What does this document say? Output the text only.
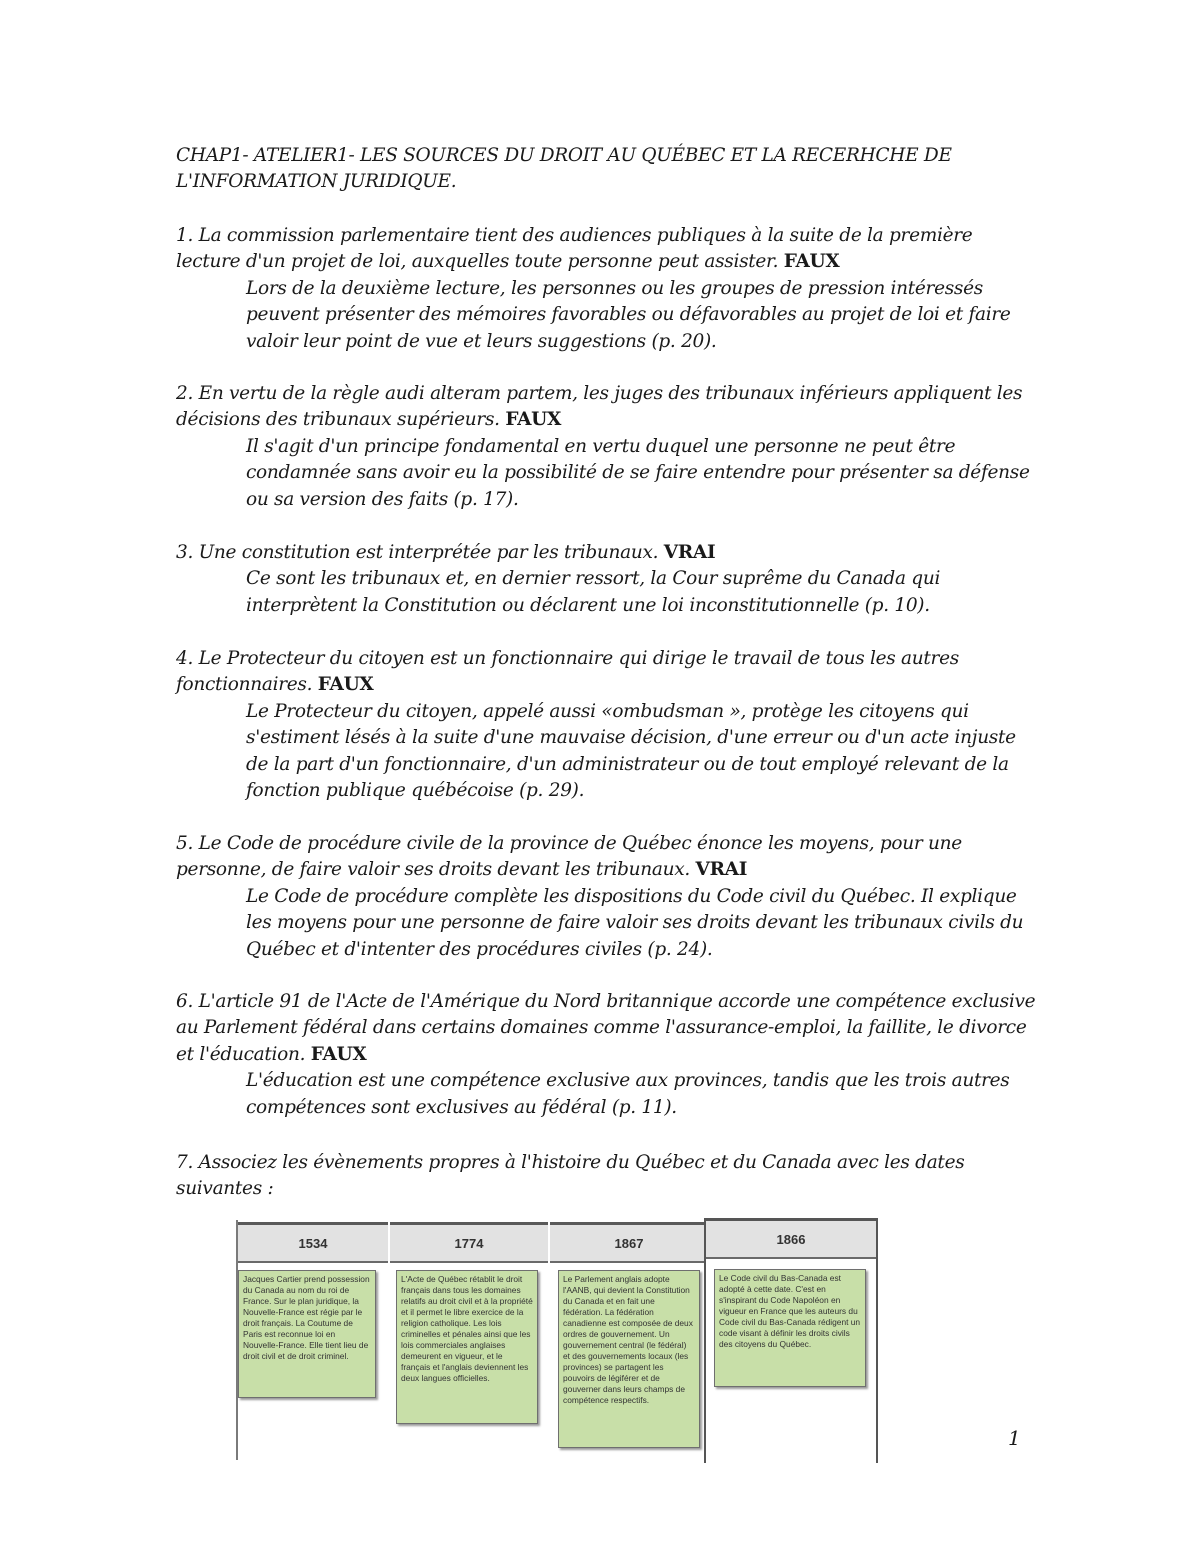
CHAP1- ATELIER1- LES SOURCES DU DROIT AU QUÉBEC ET LA RECERHCHE DE L'INFORMATION JURIDIQUE.
1. La commission parlementaire tient des audiences publiques à la suite de la première lecture d'un projet de loi, auxquelles toute personne peut assister. FAUX
Lors de la deuxième lecture, les personnes ou les groupes de pression intéressés peuvent présenter des mémoires favorables ou défavorables au projet de loi et faire valoir leur point de vue et leurs suggestions (p. 20).
2. En vertu de la règle audi alteram partem, les juges des tribunaux inférieurs appliquent les décisions des tribunaux supérieurs. FAUX
Il s'agit d'un principe fondamental en vertu duquel une personne ne peut être condamnée sans avoir eu la possibilité de se faire entendre pour présenter sa défense ou sa version des faits (p. 17).
3. Une constitution est interprétée par les tribunaux. VRAI
Ce sont les tribunaux et, en dernier ressort, la Cour suprême du Canada qui interprètent la Constitution ou déclarent une loi inconstitutionnelle (p. 10).
4. Le Protecteur du citoyen est un fonctionnaire qui dirige le travail de tous les autres fonctionnaires. FAUX
Le Protecteur du citoyen, appelé aussi «ombudsman », protège les citoyens qui s'estiment lésés à la suite d'une mauvaise décision, d'une erreur ou d'un acte injuste de la part d'un fonctionnaire, d'un administrateur ou de tout employé relevant de la fonction publique québécoise (p. 29).
5. Le Code de procédure civile de la province de Québec énonce les moyens, pour une personne, de faire valoir ses droits devant les tribunaux. VRAI
Le Code de procédure complète les dispositions du Code civil du Québec. Il explique les moyens pour une personne de faire valoir ses droits devant les tribunaux civils du Québec et d'intenter des procédures civiles (p. 24).
6. L'article 91 de l'Acte de l'Amérique du Nord britannique accorde une compétence exclusive au Parlement fédéral dans certains domaines comme l'assurance-emploi, la faillite, le divorce et l'éducation. FAUX
L'éducation est une compétence exclusive aux provinces, tandis que les trois autres compétences sont exclusives au fédéral (p. 11).
7. Associez les évènements propres à l'histoire du Québec et du Canada avec les dates suivantes :
1534	1774	1867
Jacques Cartier prend possession du Canada au nom du roi de France. Sur le plan juridique, la Nouvelle-France est régie par le droit français. La Coutume de Paris est reconnue loi en Nouvelle-France. Elle tient lieu de droit civil et de droit criminel.
L'Acte de Québec rétablit le droit français dans tous les domaines relatifs au droit civil et à la propriété et il permet le libre exercice de la religion catholique. Les lois criminelles et pénales ainsi que les lois commerciales anglaises demeurent en vigueur, et le français et l'anglais deviennent les deux langues officielles.
Le Parlement anglais adopte l'AANB, qui devient la Constitution du Canada et en fait une fédération. La fédération canadienne est composée de deux ordres de gouvernement. Un gouvernement central (le fédéral) et des gouvernements locaux (les provinces) se partagent les pouvoirs de légiférer et de gouverner dans leurs champs de compétence respectifs.
1866
Le Code civil du Bas-Canada est adopté à cette date. C'est en s'inspirant du Code Napoléon en vigueur en France que les auteurs du Code civil du Bas-Canada rédigent un code visant à définir les droits civils des citoyens du Québec.
1
